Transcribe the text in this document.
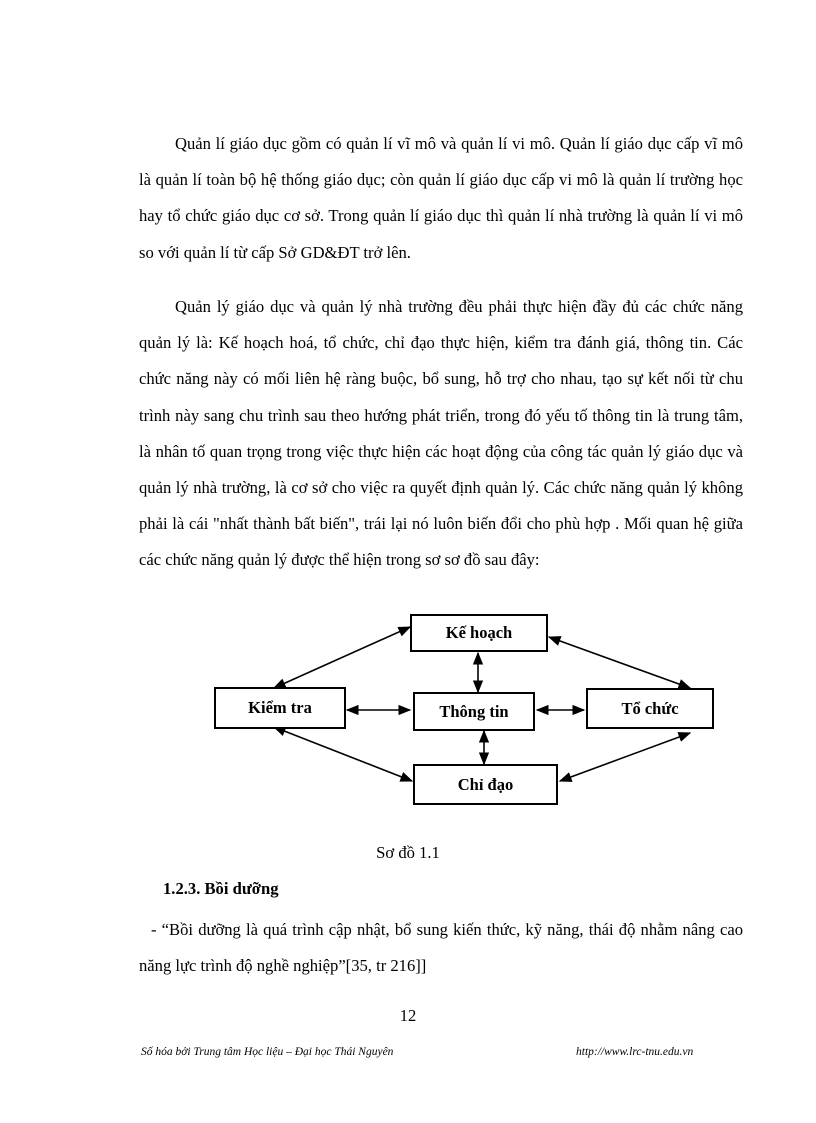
Quản lí giáo dục gồm có quản lí vĩ mô và quản lí vi mô. Quản lí giáo dục cấp vĩ mô là quản lí toàn bộ hệ thống giáo dục; còn quản lí giáo dục cấp vi mô là quản lí trường học hay tổ chức giáo dục cơ sở. Trong quản lí giáo dục thì quản lí nhà trường là quản lí vi mô so với quản lí từ cấp Sở GD&ĐT trở lên.

Quản lý giáo dục và quản lý nhà trường đều phải thực hiện đầy đủ các chức năng quản lý là: Kế hoạch hoá, tổ chức, chỉ đạo thực hiện, kiểm tra đánh giá, thông tin. Các chức năng này có mối liên hệ ràng buộc, bổ sung, hỗ trợ cho nhau, tạo sự kết nối từ chu trình này sang chu trình sau theo hướng phát triển, trong đó yếu tố thông tin là trung tâm, là nhân tố quan trọng trong việc thực hiện các hoạt động của công tác quản lý giáo dục và quản lý nhà trường, là cơ sở cho việc ra quyết định quản lý. Các chức năng quản lý không phải là cái "nhất thành bất biến", trái lại nó luôn biến đổi cho phù hợp . Mối quan hệ giữa các chức năng quản lý được thể hiện trong sơ sơ đồ sau đây:

Kế hoạch
Kiểm tra	Thông tin	Tổ chức
Chỉ đạo
Sơ đồ 1.1
1.2.3. Bồi dưỡng

- “Bồi dưỡng là quá trình cập nhật, bổ sung kiến thức, kỹ năng, thái độ nhằm nâng cao năng lực trình độ nghề nghiệp”[35, tr 216]]

12
Số hóa bởi Trung tâm Học liệu – Đại học Thái Nguyên	http://www.lrc-tnu.edu.vn
